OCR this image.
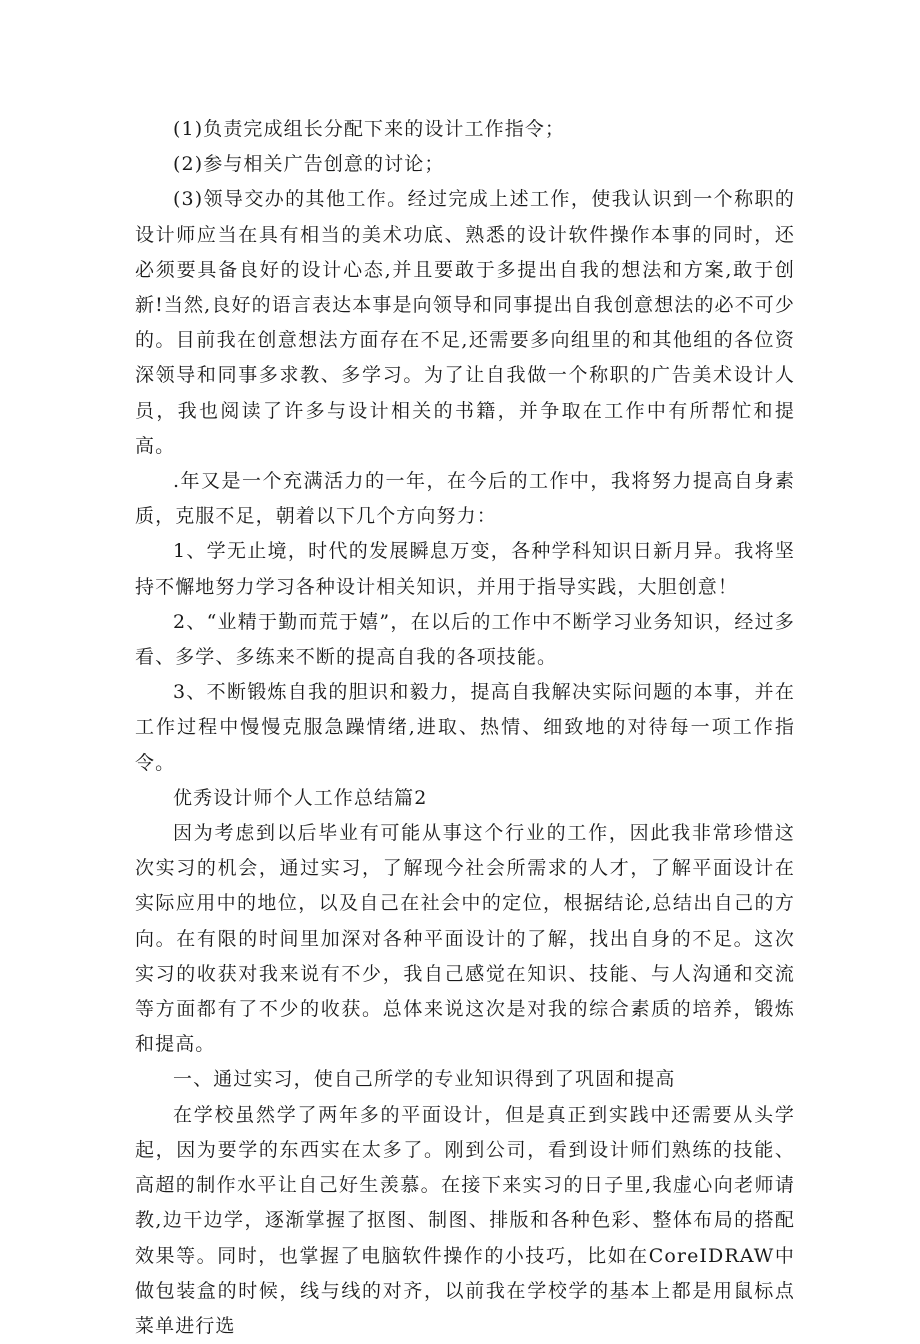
(1)负责完成组长分配下来的设计工作指令；

(2)参与相关广告创意的讨论；

(3)领导交办的其他工作。经过完成上述工作，使我认识到一个称职的设计师应当在具有相当的美术功底、熟悉的设计软件操作本事的同时，还必须要具备良好的设计心态,并且要敢于多提出自我的想法和方案,敢于创新!当然,良好的语言表达本事是向领导和同事提出自我创意想法的必不可少的。目前我在创意想法方面存在不足,还需要多向组里的和其他组的各位资深领导和同事多求教、多学习。为了让自我做一个称职的广告美术设计人员，我也阅读了许多与设计相关的书籍，并争取在工作中有所帮忙和提高。

.年又是一个充满活力的一年，在今后的工作中，我将努力提高自身素质，克服不足，朝着以下几个方向努力：

1、学无止境，时代的发展瞬息万变，各种学科知识日新月异。我将坚持不懈地努力学习各种设计相关知识，并用于指导实践，大胆创意！

2、“业精于勤而荒于嬉”，在以后的工作中不断学习业务知识，经过多看、多学、多练来不断的提高自我的各项技能。

3、不断锻炼自我的胆识和毅力，提高自我解决实际问题的本事，并在工作过程中慢慢克服急躁情绪,进取、热情、细致地的对待每一项工作指令。

优秀设计师个人工作总结篇2

因为考虑到以后毕业有可能从事这个行业的工作，因此我非常珍惜这次实习的机会，通过实习，了解现今社会所需求的人才，了解平面设计在实际应用中的地位，以及自己在社会中的定位，根据结论,总结出自己的方向。在有限的时间里加深对各种平面设计的了解，找出自身的不足。这次实习的收获对我来说有不少，我自己感觉在知识、技能、与人沟通和交流等方面都有了不少的收获。总体来说这次是对我的综合素质的培养，锻炼和提高。

一、通过实习，使自己所学的专业知识得到了巩固和提高

在学校虽然学了两年多的平面设计，但是真正到实践中还需要从头学起，因为要学的东西实在太多了。刚到公司，看到设计师们熟练的技能、高超的制作水平让自己好生羡慕。在接下来实习的日子里,我虚心向老师请教,边干边学，逐渐掌握了抠图、制图、排版和各种色彩、整体布局的搭配效果等。同时，也掌握了电脑软件操作的小技巧，比如在CoreIDRAW中做包装盒的时候，线与线的对齐，以前我在学校学的基本上都是用鼠标点菜单进行选
